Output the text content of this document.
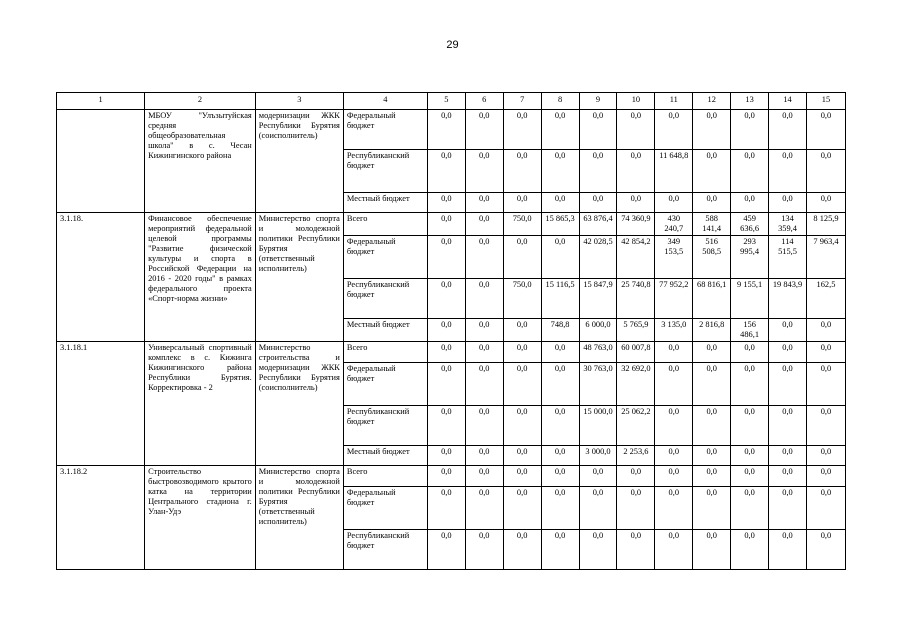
29
1	2	3	4	5	6	7	8	9	10	11	12	13	14	15
	МБОУ "Улъзытуйская средняя общеобразовательная школа" в с. Чесан Кижингинского района	модернизации ЖКК Республики Бурятия (соисполнитель)	Федеральный бюджет	0,0	0,0	0,0	0,0	0,0	0,0	0,0	0,0	0,0	0,0	0,0
			Республиканский бюджет	0,0	0,0	0,0	0,0	0,0	0,0	11 648,8	0,0	0,0	0,0	0,0
			Местный бюджет	0,0	0,0	0,0	0,0	0,0	0,0	0,0	0,0	0,0	0,0	0,0
3.1.18.	Финансовое обеспечение мероприятий федеральной целевой программы "Развитие физической культуры и спорта в Российской Федерации на 2016 - 2020 годы" в рамках федерального проекта «Спорт-норма жизни»	Министерство спорта и молодежной политики Республики Бурятия (ответственный исполнитель)	Всего	0,0	0,0	750,0	15 865,3	63 876,4	74 360,9	430 240,7	588 141,4	459 636,6	134 359,4	8 125,9
			Федеральный бюджет	0,0	0,0	0,0	0,0	42 028,5	42 854,2	349 153,5	516 508,5	293 995,4	114 515,5	7 963,4
			Республиканский бюджет	0,0	0,0	750,0	15 116,5	15 847,9	25 740,8	77 952,2	68 816,1	9 155,1	19 843,9	162,5
			Местный бюджет	0,0	0,0	0,0	748,8	6 000,0	5 765,9	3 135,0	2 816,8	156 486,1	0,0	0,0
3.1.18.1	Универсальный спортивный комплекс в с. Кижинга Кижингинского района Республики Бурятия. Корректировка - 2	Министерство строительства и модернизации ЖКК Республики Бурятия (соисполнитель)	Всего	0,0	0,0	0,0	0,0	48 763,0	60 007,8	0,0	0,0	0,0	0,0	0,0
			Федеральный бюджет	0,0	0,0	0,0	0,0	30 763,0	32 692,0	0,0	0,0	0,0	0,0	0,0
			Республиканский бюджет	0,0	0,0	0,0	0,0	15 000,0	25 062,2	0,0	0,0	0,0	0,0	0,0
			Местный бюджет	0,0	0,0	0,0	0,0	3 000,0	2 253,6	0,0	0,0	0,0	0,0	0,0
3.1.18.2	Строительство быстровозводимого крытого катка на территории Центрального стадиона г. Улан-Удэ	Министерство спорта и молодежной политики Республики Бурятия (ответственный исполнитель)	Всего	0,0	0,0	0,0	0,0	0,0	0,0	0,0	0,0	0,0	0,0	0,0
			Федеральный бюджет	0,0	0,0	0,0	0,0	0,0	0,0	0,0	0,0	0,0	0,0	0,0
			Республиканский бюджет	0,0	0,0	0,0	0,0	0,0	0,0	0,0	0,0	0,0	0,0	0,0
